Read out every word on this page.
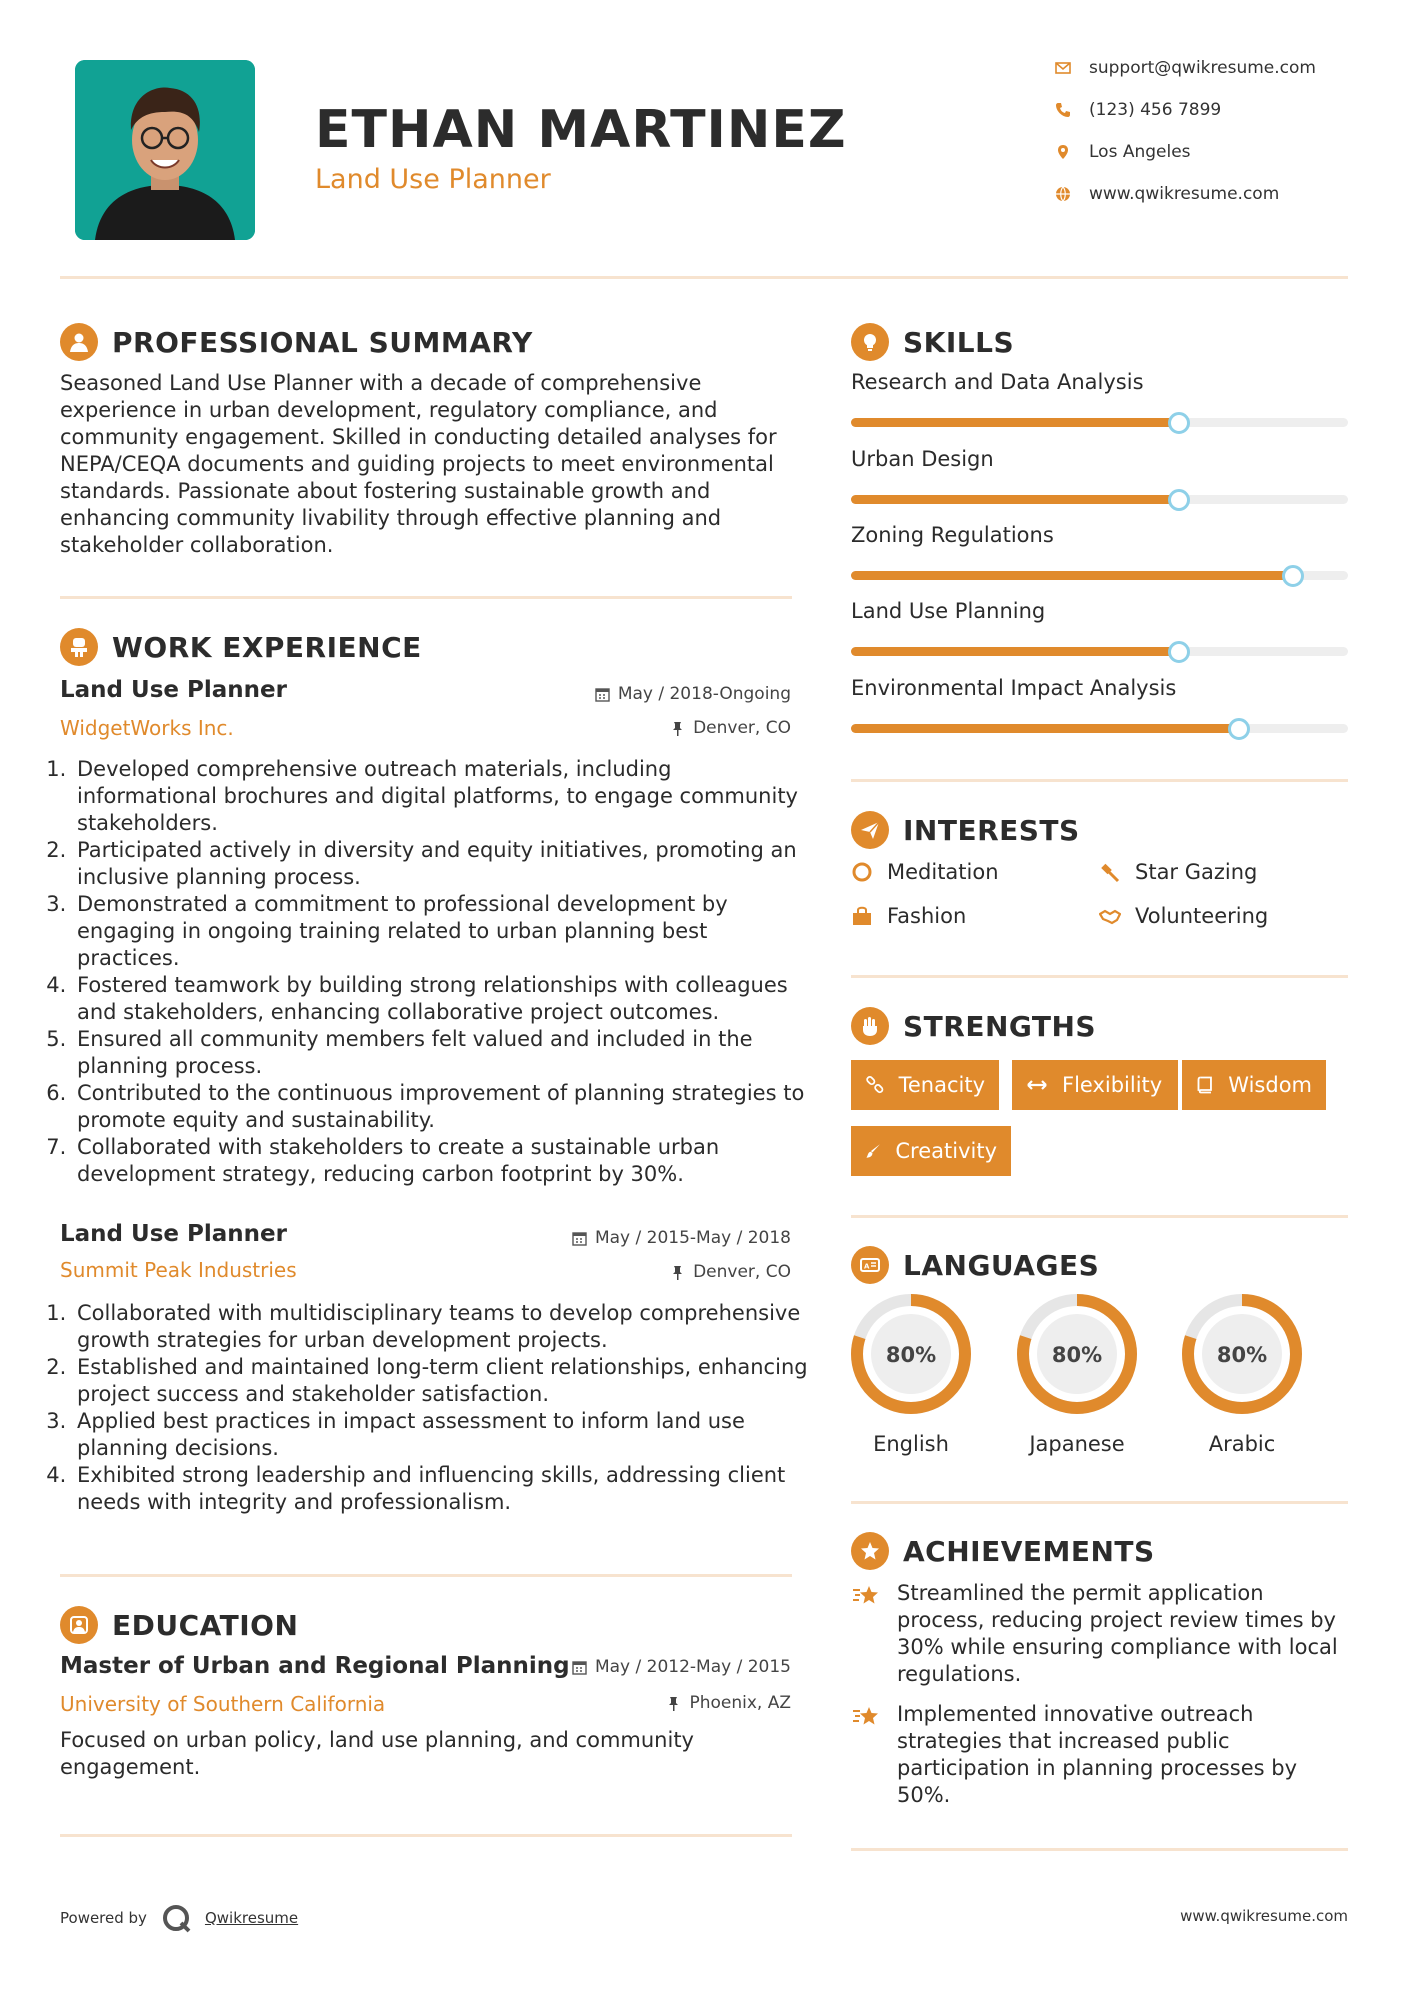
ETHAN MARTINEZ
Land Use Planner
support@qwikresume.com
(123) 456 7899
Los Angeles
www.qwikresume.com
PROFESSIONAL SUMMARY
Seasoned Land Use Planner with a decade of comprehensive experience in urban development, regulatory compliance, and community engagement. Skilled in conducting detailed analyses for NEPA/CEQA documents and guiding projects to meet environmental standards. Passionate about fostering sustainable growth and enhancing community livability through effective planning and stakeholder collaboration.
WORK EXPERIENCE
Land Use Planner
WidgetWorks Inc.
May / 2018-Ongoing
Denver, CO
1. Developed comprehensive outreach materials, including informational brochures and digital platforms, to engage community stakeholders.
2. Participated actively in diversity and equity initiatives, promoting an inclusive planning process.
3. Demonstrated a commitment to professional development by engaging in ongoing training related to urban planning best practices.
4. Fostered teamwork by building strong relationships with colleagues and stakeholders, enhancing collaborative project outcomes.
5. Ensured all community members felt valued and included in the planning process.
6. Contributed to the continuous improvement of planning strategies to promote equity and sustainability.
7. Collaborated with stakeholders to create a sustainable urban development strategy, reducing carbon footprint by 30%.
Land Use Planner
Summit Peak Industries
May / 2015-May / 2018
Denver, CO
1. Collaborated with multidisciplinary teams to develop comprehensive growth strategies for urban development projects.
2. Established and maintained long-term client relationships, enhancing project success and stakeholder satisfaction.
3. Applied best practices in impact assessment to inform land use planning decisions.
4. Exhibited strong leadership and influencing skills, addressing client needs with integrity and professionalism.
EDUCATION
Master of Urban and Regional Planning
University of Southern California
May / 2012-May / 2015
Phoenix, AZ
Focused on urban policy, land use planning, and community engagement.
SKILLS
Research and Data Analysis
Urban Design
Zoning Regulations
Land Use Planning
Environmental Impact Analysis
INTERESTS
Meditation	Star Gazing
Fashion	Volunteering
STRENGTHS
Tenacity	Flexibility	Wisdom
Creativity
A LANGUAGES
80%
English
80%
Japanese
80%
Arabic
ACHIEVEMENTS
Streamlined the permit application process, reducing project review times by 30% while ensuring compliance with local regulations.
Implemented innovative outreach strategies that increased public participation in planning processes by 50%.
Powered by	Qwikresume	www.qwikresume.com
